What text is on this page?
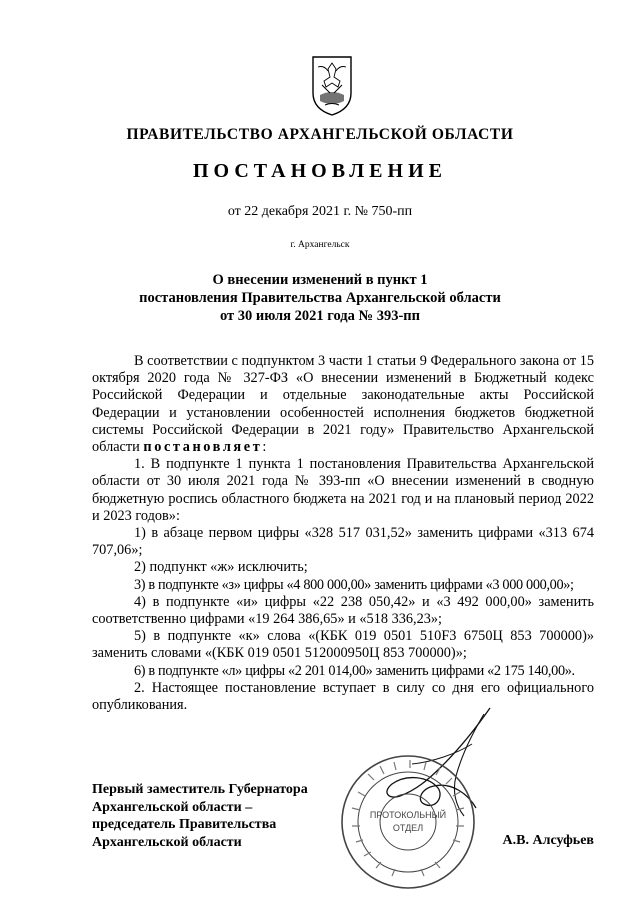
ПРАВИТЕЛЬСТВО АРХАНГЕЛЬСКОЙ ОБЛАСТИ
ПОСТАНОВЛЕНИЕ
от 22 декабря 2021 г. № 750-пп
г. Архангельск
О внесении изменений в пункт 1
постановления Правительства Архангельской области
от 30 июля 2021 года № 393-пп

В соответствии с подпунктом 3 части 1 статьи 9 Федерального закона от 15 октября 2020 года № 327-ФЗ «О внесении изменений в Бюджетный кодекс Российской Федерации и отдельные законодательные акты Российской Федерации и установлении особенностей исполнения бюджетов бюджетной системы Российской Федерации в 2021 году» Правительство Архангельской области постановляет:

1. В подпункте 1 пункта 1 постановления Правительства Архангельской области от 30 июля 2021 года № 393-пп «О внесении изменений в сводную бюджетную роспись областного бюджета на 2021 год и на плановый период 2022 и 2023 годов»:

1) в абзаце первом цифры «328 517 031,52» заменить цифрами «313 674 707,06»;

2) подпункт «ж» исключить;

3) в подпункте «з» цифры «4 800 000,00» заменить цифрами «3 000 000,00»;

4) в подпункте «и» цифры «22 238 050,42» и «3 492 000,00» заменить соответственно цифрами «19 264 386,65» и «518 336,23»;

5) в подпункте «к» слова «(КБК 019 0501 510F3 6750Ц 853 700000)» заменить словами «(КБК 019 0501 512000950Ц 853 700000)»;

6) в подпункте «л» цифры «2 201 014,00» заменить цифрами «2 175 140,00».

2. Настоящее постановление вступает в силу со дня его официального опубликования.

ПРОТОКОЛЬНЫЙ
ОТДЕЛ
Первый заместитель Губернатора
Архангельской области –
председатель Правительства
Архангельской области	А.В. Алсуфьев
